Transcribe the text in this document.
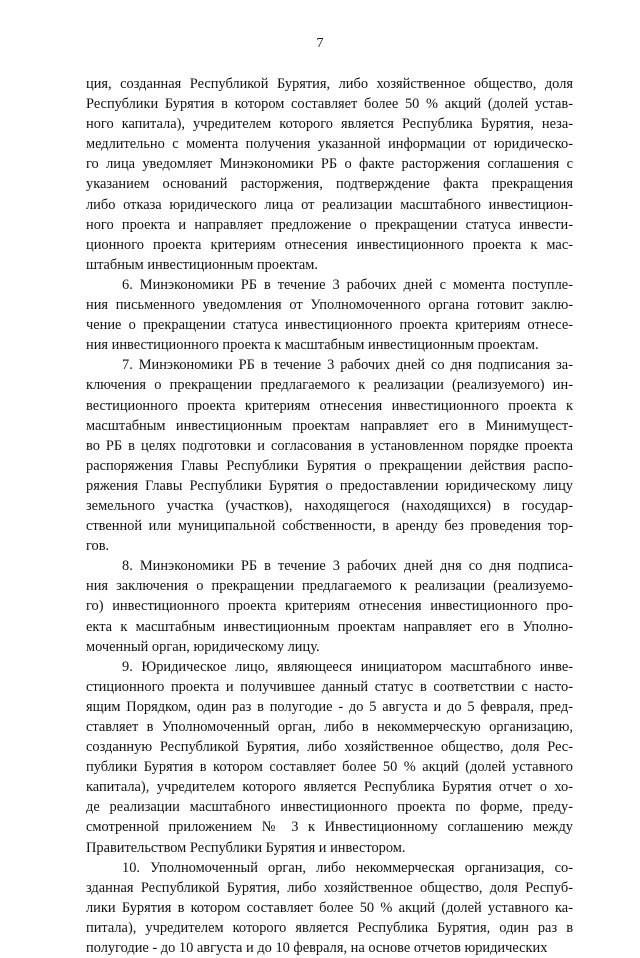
7
ция, созданная Республикой Бурятия, либо хозяйственное общество, доля
Республики Бурятия в котором составляет более 50 % акций (долей устав-
ного капитала), учредителем которого является Республика Бурятия, неза-
медлительно с момента получения указанной информации от юридическо-
го лица уведомляет Минэкономики РБ о факте расторжения соглашения с
указанием оснований расторжения, подтверждение факта прекращения
либо отказа юридического лица от реализации масштабного инвестицион-
ного проекта и направляет предложение о прекращении статуса инвести-
ционного проекта критериям отнесения инвестиционного проекта к мас-
штабным инвестиционным проектам.
6. Минэкономики РБ в течение 3 рабочих дней с момента поступле-
ния письменного уведомления от Уполномоченного органа готовит заклю-
чение о прекращении статуса инвестиционного проекта критериям отнесе-
ния инвестиционного проекта к масштабным инвестиционным проектам.
7. Минэкономики РБ в течение 3 рабочих дней со дня подписания за-
ключения о прекращении предлагаемого к реализации (реализуемого) ин-
вестиционного проекта критериям отнесения инвестиционного проекта к
масштабным инвестиционным проектам направляет его в Минимущест-
во РБ в целях подготовки и согласования в установленном порядке проекта
распоряжения Главы Республики Бурятия о прекращении действия распо-
ряжения Главы Республики Бурятия о предоставлении юридическому лицу
земельного участка (участков), находящегося (находящихся) в государ-
ственной или муниципальной собственности, в аренду без проведения тор-
гов.
8. Минэкономики РБ в течение 3 рабочих дней дня со дня подписа-
ния заключения о прекращении предлагаемого к реализации (реализуемо-
го) инвестиционного проекта критериям отнесения инвестиционного про-
екта к масштабным инвестиционным проектам направляет его в Уполно-
моченный орган, юридическому лицу.
9. Юридическое лицо, являющееся инициатором масштабного инве-
стиционного проекта и получившее данный статус в соответствии с насто-
ящим Порядком, один раз в полугодие - до 5 августа и до 5 февраля, пред-
ставляет в Уполномоченный орган, либо в некоммерческую организацию,
созданную Республикой Бурятия, либо хозяйственное общество, доля Рес-
публики Бурятия в котором составляет более 50 % акций (долей уставного
капитала), учредителем которого является Республика Бурятия отчет о хо-
де реализации масштабного инвестиционного проекта по форме, преду-
смотренной приложением № 3 к Инвестиционному соглашению между
Правительством Республики Бурятия и инвестором.
10. Уполномоченный орган, либо некоммерческая организация, со-
зданная Республикой Бурятия, либо хозяйственное общество, доля Респуб-
лики Бурятия в котором составляет более 50 % акций (долей уставного ка-
питала), учредителем которого является Республика Бурятия, один раз в
полугодие - до 10 августа и до 10 февраля, на основе отчетов юридических
